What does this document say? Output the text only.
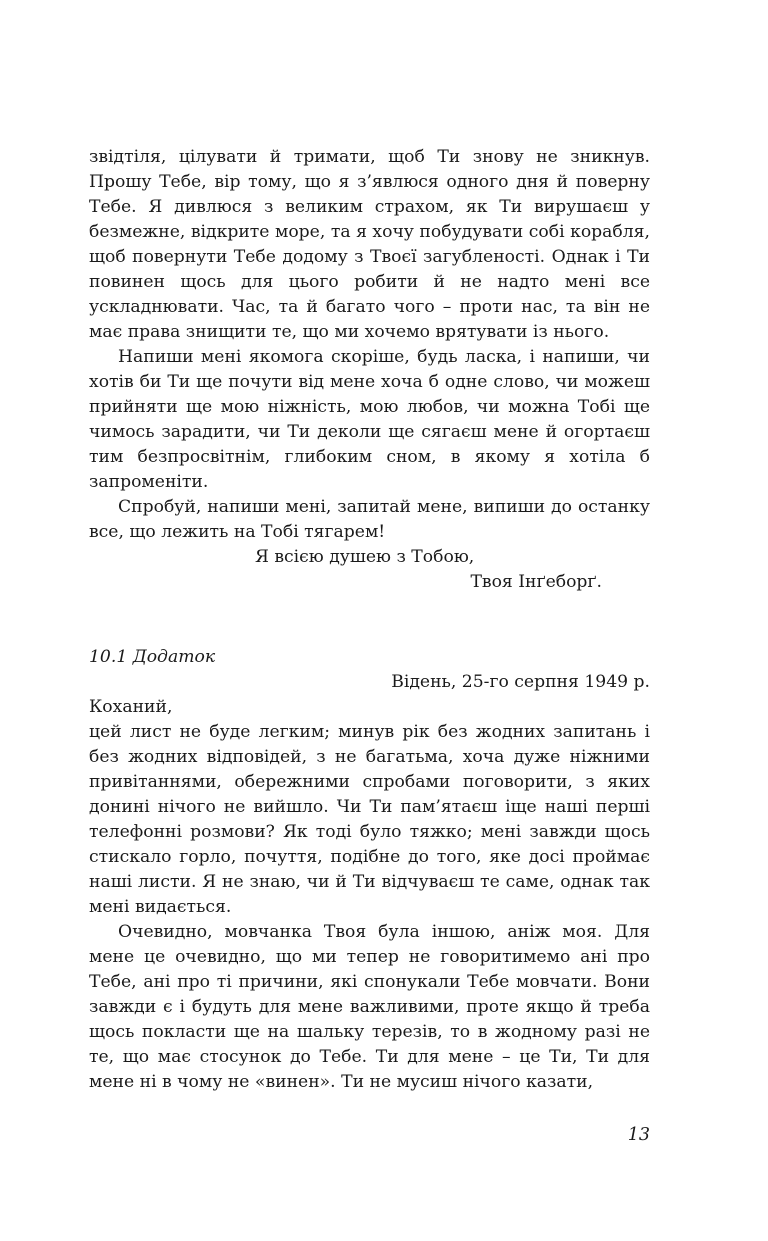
звідтіля, цілувати й тримати, щоб Ти знову не зникнув. Прошу Тебе, вір тому, що я з’явлюся одного дня й поверну Тебе. Я дивлюся з великим страхом, як Ти вирушаєш у безмежне, відкрите море, та я хочу побудувати собі корабля, щоб повернути Тебе додому з Твоєї загубленості. Однак і Ти повинен щось для цього робити й не надто мені все ускладнювати. Час, та й багато чого – проти нас, та він не має права знищити те, що ми хочемо врятувати із нього.

Напиши мені якомога скоріше, будь ласка, і напиши, чи хотів би Ти ще почути від мене хоча б одне слово, чи можеш прийняти ще мою ніжність, мою любов, чи можна Тобі ще чимось зарадити, чи Ти деколи ще сягаєш мене й огортаєш тим безпросвітнім, глибоким сном, в якому я хотіла б запроменіти.

Спробуй, напиши мені, запитай мене, випиши до останку все, що лежить на Тобі тягарем!

Я всією душею з Тобою,

Твоя Інґеборґ.

10.1 Додаток

Відень, 25-го серпня 1949 р.

Коханий,

цей лист не буде легким; минув рік без жодних запитань і без жодних відповідей, з не багатьма, хоча дуже ніжними привітаннями, обережними спробами поговорити, з яких донині нічого не вийшло. Чи Ти пам’ятаєш іще наші перші телефонні розмови? Як тоді було тяжко; мені завжди щось стискало горло, почуття, подібне до того, яке досі проймає наші листи. Я не знаю, чи й Ти відчуваєш те саме, однак так мені видається.

Очевидно, мовчанка Твоя була іншою, аніж моя. Для мене це очевидно, що ми тепер не говоритимемо ані про Тебе, ані про ті причини, які спонукали Тебе мовчати. Вони завжди є і будуть для мене важливими, проте якщо й треба щось покласти ще на шальку терезів, то в жодному разі не те, що має стосунок до Тебе. Ти для мене – це Ти, Ти для мене ні в чому не «винен». Ти не мусиш нічого казати,

13
